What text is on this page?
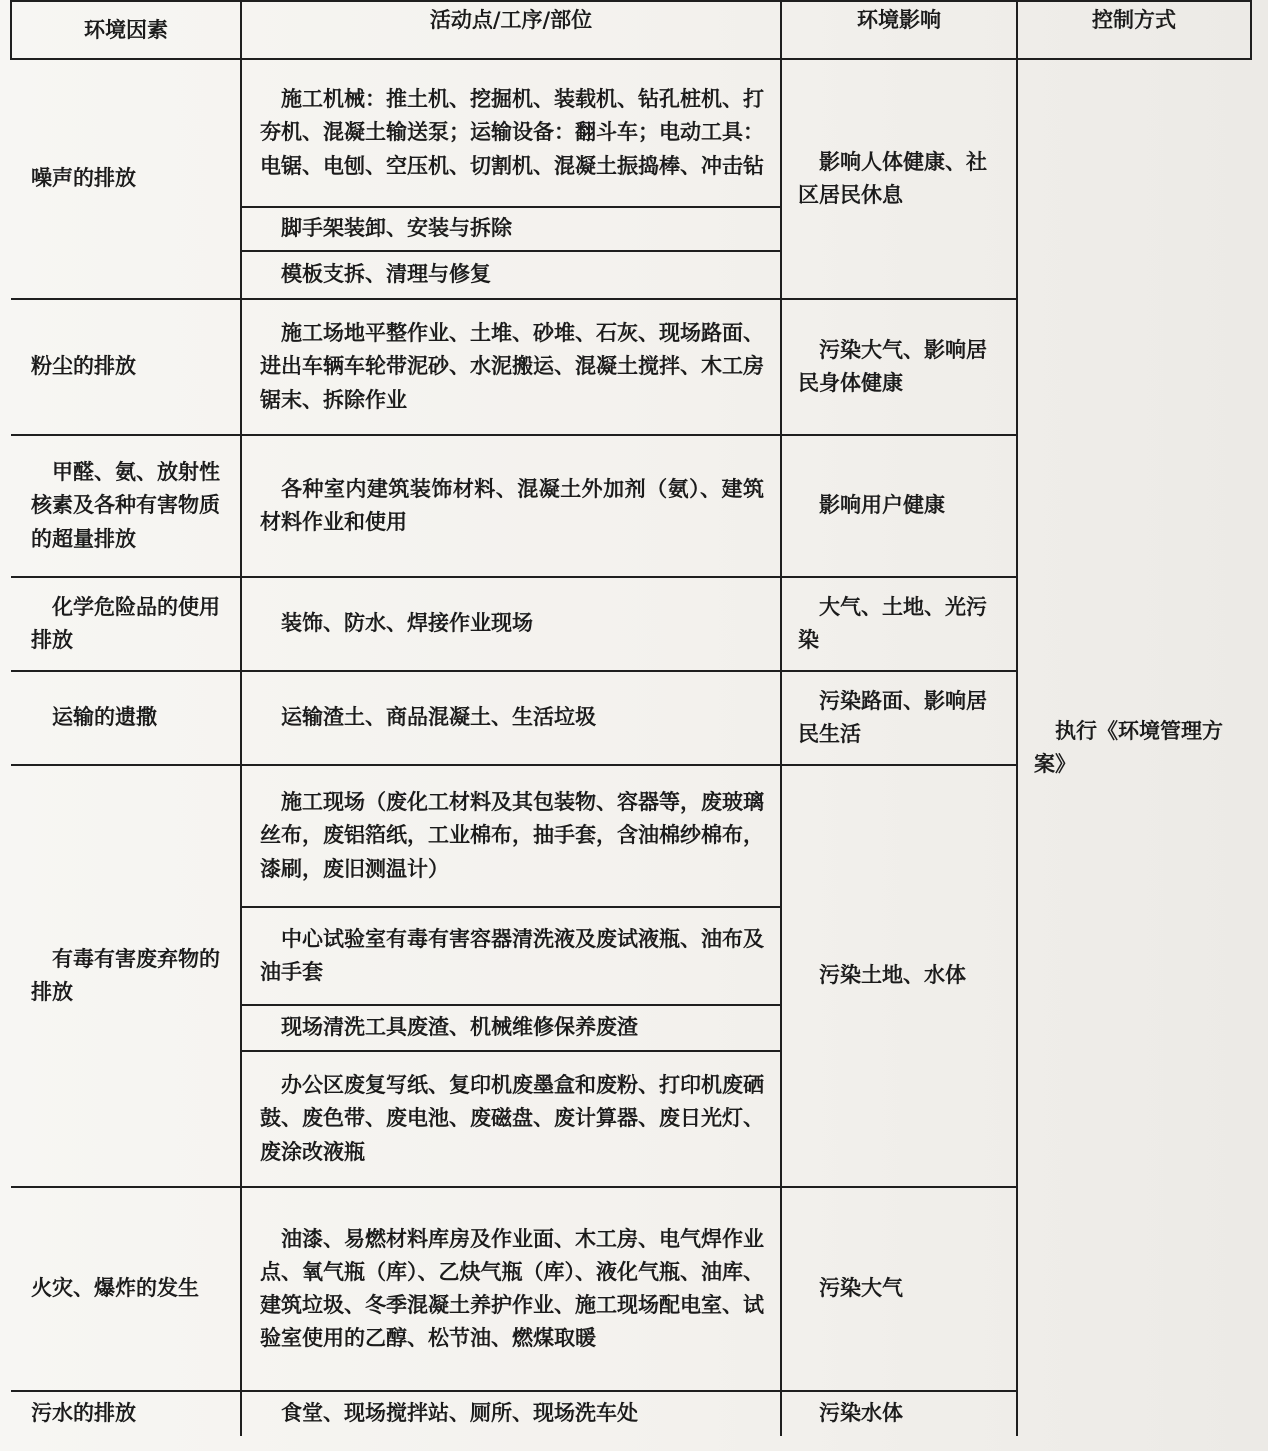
环境因素	活动点/工序/部位	环境影响	控制方式
噪声的排放	施工机械：推土机、挖掘机、装载机、钻孔桩机、打夯机、混凝土输送泵；运输设备：翻斗车；电动工具：电锯、电刨、空压机、切割机、混凝土振捣棒、冲击钻	影响人体健康、社区居民休息	执行《环境管理方案》

	脚手架装卸、安装与拆除		
	模板支拆、清理与修复		
粉尘的排放	施工场地平整作业、土堆、砂堆、石灰、现场路面、进出车辆车轮带泥砂、水泥搬运、混凝土搅拌、木工房锯末、拆除作业	污染大气、影响居民身体健康	
甲醛、氨、放射性核素及各种有害物质的超量排放	各种室内建筑装饰材料、混凝土外加剂（氨）、建筑材料作业和使用	影响用户健康	
化学危险品的使用排放	装饰、防水、焊接作业现场	大气、土地、光污染	
运输的遗撒	运输渣土、商品混凝土、生活垃圾	污染路面、影响居民生活	
有毒有害废弃物的排放	施工现场（废化工材料及其包装物、容器等，废玻璃丝布，废铝箔纸，工业棉布，抽手套，含油棉纱棉布，漆刷，废旧测温计）	污染土地、水体	
	中心试验室有毒有害容器清洗液及废试液瓶、油布及油手套		
	现场清洗工具废渣、机械维修保养废渣		
	办公区废复写纸、复印机废墨盒和废粉、打印机废硒鼓、废色带、废电池、废磁盘、废计算器、废日光灯、废涂改液瓶		
火灾、爆炸的发生	油漆、易燃材料库房及作业面、木工房、电气焊作业点、氧气瓶（库）、乙炔气瓶（库）、液化气瓶、油库、建筑垃圾、冬季混凝土养护作业、施工现场配电室、试验室使用的乙醇、松节油、燃煤取暖	污染大气	
污水的排放	食堂、现场搅拌站、厕所、现场洗车处	污染水体	
